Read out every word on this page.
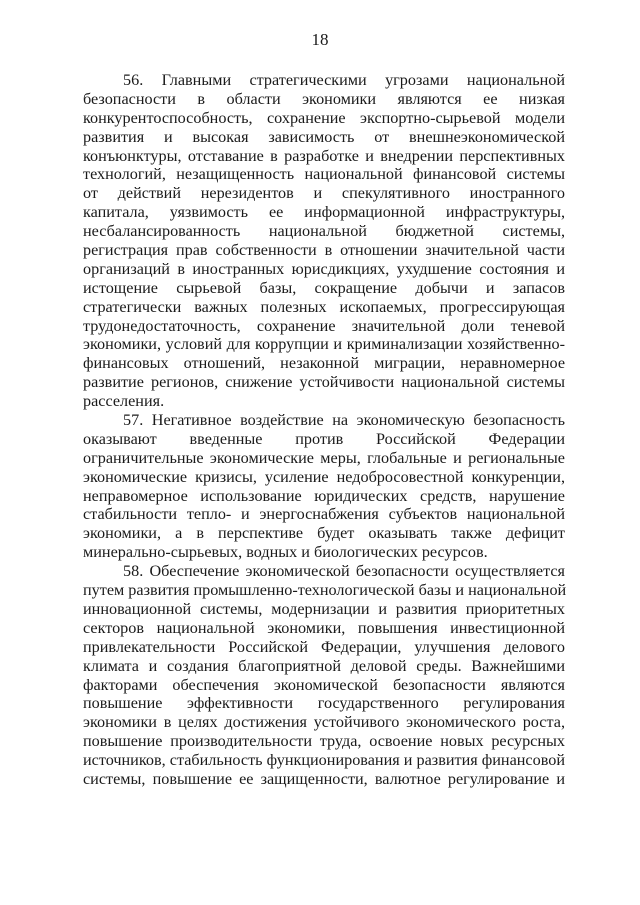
18
56. Главными стратегическими угрозами национальной
безопасности в области экономики являются ее низкая
конкурентоспособность, сохранение экспортно-сырьевой модели
развития и высокая зависимость от внешнеэкономической
конъюнктуры, отставание в разработке и внедрении перспективных
технологий, незащищенность национальной финансовой системы
от действий нерезидентов и спекулятивного иностранного
капитала, уязвимость ее информационной инфраструктуры,
несбалансированность национальной бюджетной системы,
регистрация прав собственности в отношении значительной части
организаций в иностранных юрисдикциях, ухудшение состояния и
истощение сырьевой базы, сокращение добычи и запасов
стратегически важных полезных ископаемых, прогрессирующая
трудонедостаточность, сохранение значительной доли теневой
экономики, условий для коррупции и криминализации хозяйственно-
финансовых отношений, незаконной миграции, неравномерное
развитие регионов, снижение устойчивости национальной системы
расселения.
57. Негативное воздействие на экономическую безопасность
оказывают введенные против Российской Федерации
ограничительные экономические меры, глобальные и региональные
экономические кризисы, усиление недобросовестной конкуренции,
неправомерное использование юридических средств, нарушение
стабильности тепло- и энергоснабжения субъектов национальной
экономики, а в перспективе будет оказывать также дефицит
минерально-сырьевых, водных и биологических ресурсов.
58. Обеспечение экономической безопасности осуществляется
путем развития промышленно-технологической базы и национальной
инновационной системы, модернизации и развития приоритетных
секторов национальной экономики, повышения инвестиционной
привлекательности Российской Федерации, улучшения делового
климата и создания благоприятной деловой среды. Важнейшими
факторами обеспечения экономической безопасности являются
повышение эффективности государственного регулирования
экономики в целях достижения устойчивого экономического роста,
повышение производительности труда, освоение новых ресурсных
источников, стабильность функционирования и развития финансовой
системы, повышение ее защищенности, валютное регулирование и
